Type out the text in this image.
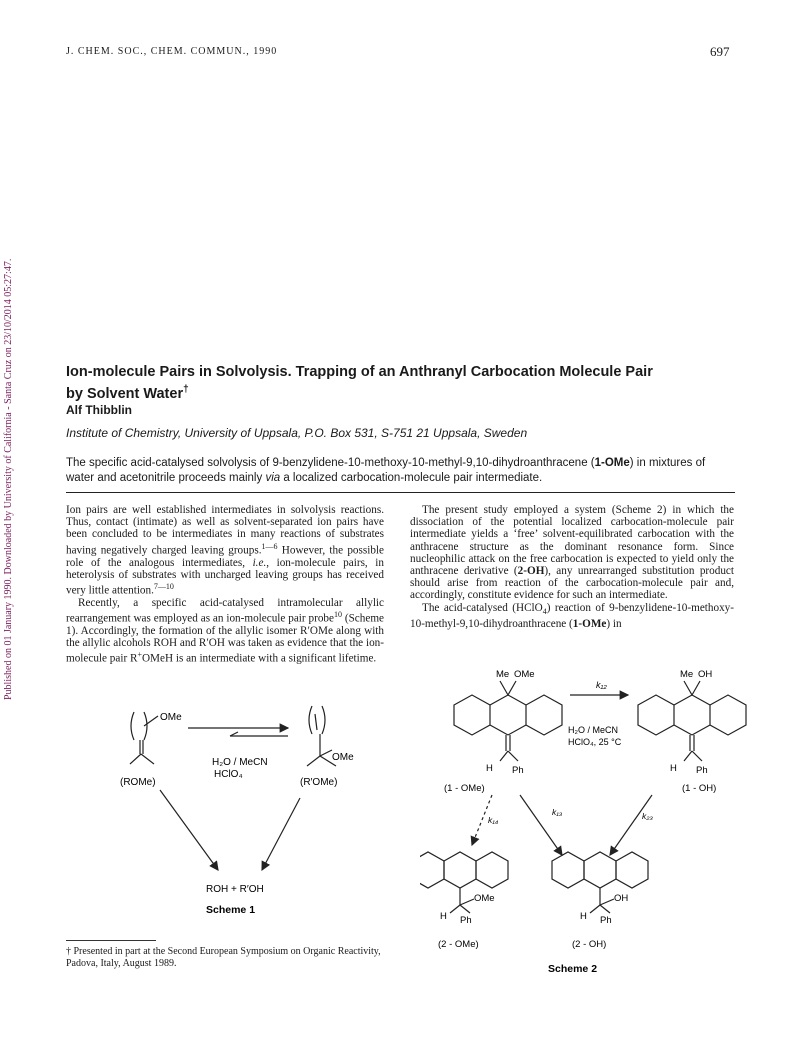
J. CHEM. SOC., CHEM. COMMUN., 1990	697
Published on 01 January 1990. Downloaded by University of California - Santa Cruz on 23/10/2014 05:27:47.	Ion-molecule Pairs in Solvolysis. Trapping of an Anthranyl Carbocation Molecule Pair
by Solvent Water†
Alf Thibblin
Institute of Chemistry, University of Uppsala, P.O. Box 531, S-751 21 Uppsala, Sweden
The specific acid-catalysed solvolysis of 9-benzylidene-10-methoxy-10-methyl-9,10-dihydroanthracene (1-OMe) in mixtures of water and acetonitrile proceeds mainly via a localized carbocation-molecule pair intermediate.

Ion pairs are well established intermediates in solvolysis reactions. Thus, contact (intimate) as well as solvent-separated ion pairs have been concluded to be intermediates in many reactions of substrates having negatively charged leaving groups.$^{1—6}$ However, the possible role of the analogous intermediates, i.e., ion-molecule pairs, in heterolysis of substrates with uncharged leaving groups has received very little attention.$^{7—10}$

Recently, a specific acid-catalysed intramolecular allylic rearrangement was employed as an ion-molecule pair probe$^{10}$ (Scheme 1). Accordingly, the formation of the allylic isomer R′OMe along with the allylic alcohols ROH and R′OH was taken as evidence that the ion-molecule pair R+OMeH is an intermediate with a significant lifetime.

The present study employed a system (Scheme 2) in which the dissociation of the potential localized carbocation-molecule pair intermediate yields a ‘free’ solvent-equilibrated carbocation with the anthracene structure as the dominant resonance form. Since nucleophilic attack on the free carbocation is expected to yield only the anthracene derivative (2-OH), any unrearranged substitution product should arise from reaction of the carbocation-molecule pair and, accordingly, constitute evidence for such an intermediate.

The acid-catalysed (HClO$_4$) reaction of 9-benzylidene-10-methoxy-10-methyl-9,10-dihydroanthracene (1-OMe) in

OMe
OMe
(ROMe)	(R′OMe)
H₂O / MeCN
HClO₄
ROH + R′OH
Scheme 1
Me OMe	Me OH
k₁₂
H₂O / MeCN
HClO₄, 25 °C
H Ph	H Ph
(1 - OMe)	(1 - OH)
k₁₄
k₁₃	k₂₃
OMe
H Ph
OH
H Ph
(2 - OMe)	(2 - OH)
Scheme 2
† Presented in part at the Second European Symposium on Organic Reactivity, Padova, Italy, August 1989.
